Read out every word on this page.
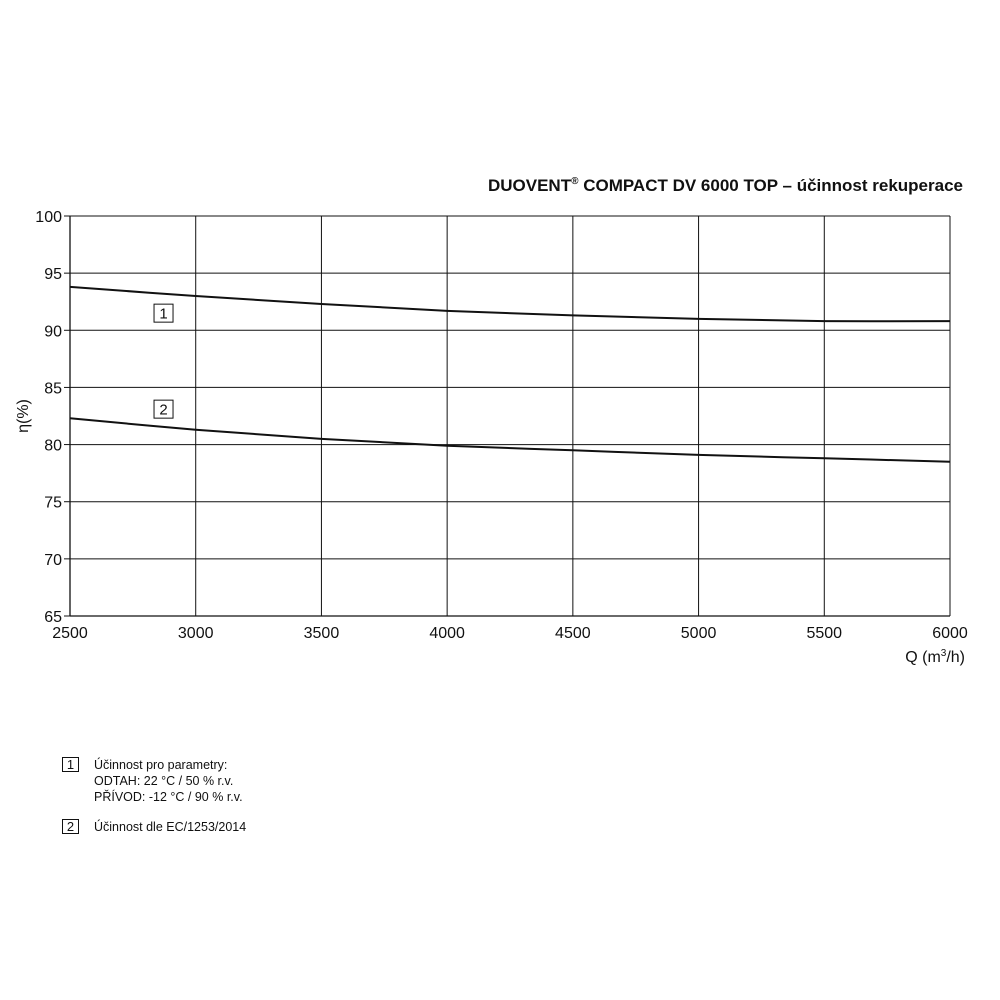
DUOVENT® COMPACT DV 6000 TOP – účinnost rekuperace
2500	3000	3500	4000	4500	5000	5500	6000
65
70
75
80
85
90
95
100
1
2
η(%)
Q $(m^3/h)$
1	Účinnost pro parametry:
ODTAH: 22 °C / 50 % r.v.
PŘÍVOD: -12 °C / 90 % r.v.
2	Účinnost dle EC/1253/2014
